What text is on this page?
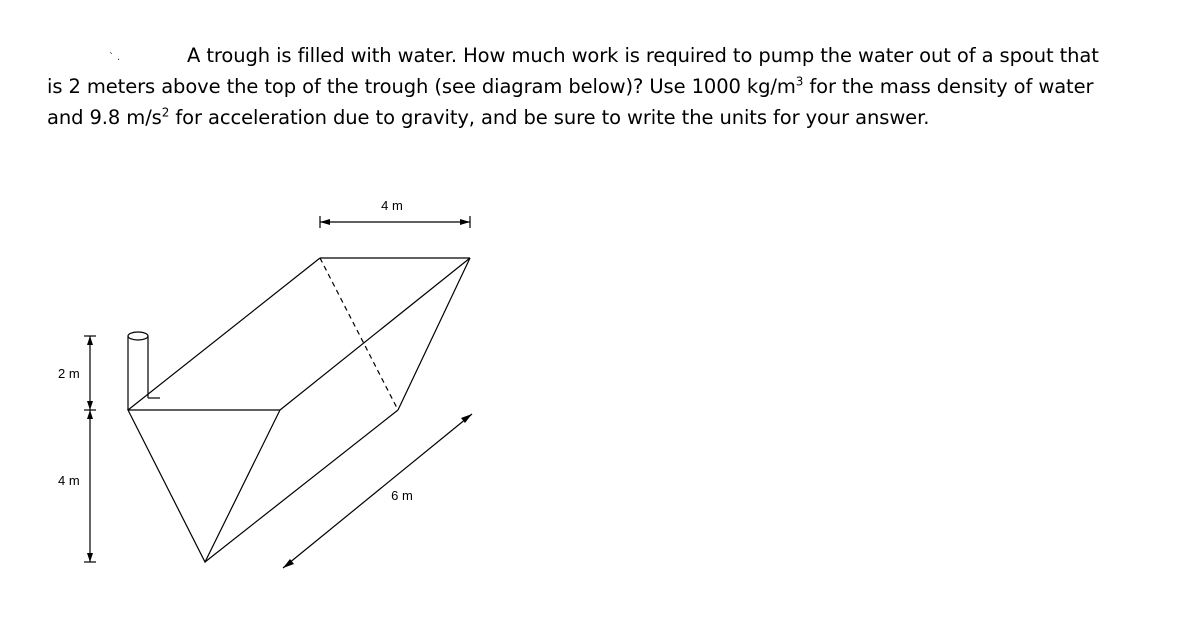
` .	A trough is filled with water. How much work is required to pump the water out of a spout that
is 2 meters above the top of the trough (see diagram below)? Use 1000 $kg/m^3$ for the mass density of water
and 9.8 $m/s^2$ for acceleration due to gravity, and be sure to write the units for your answer.
4 m
6 m
2 m
4 m
